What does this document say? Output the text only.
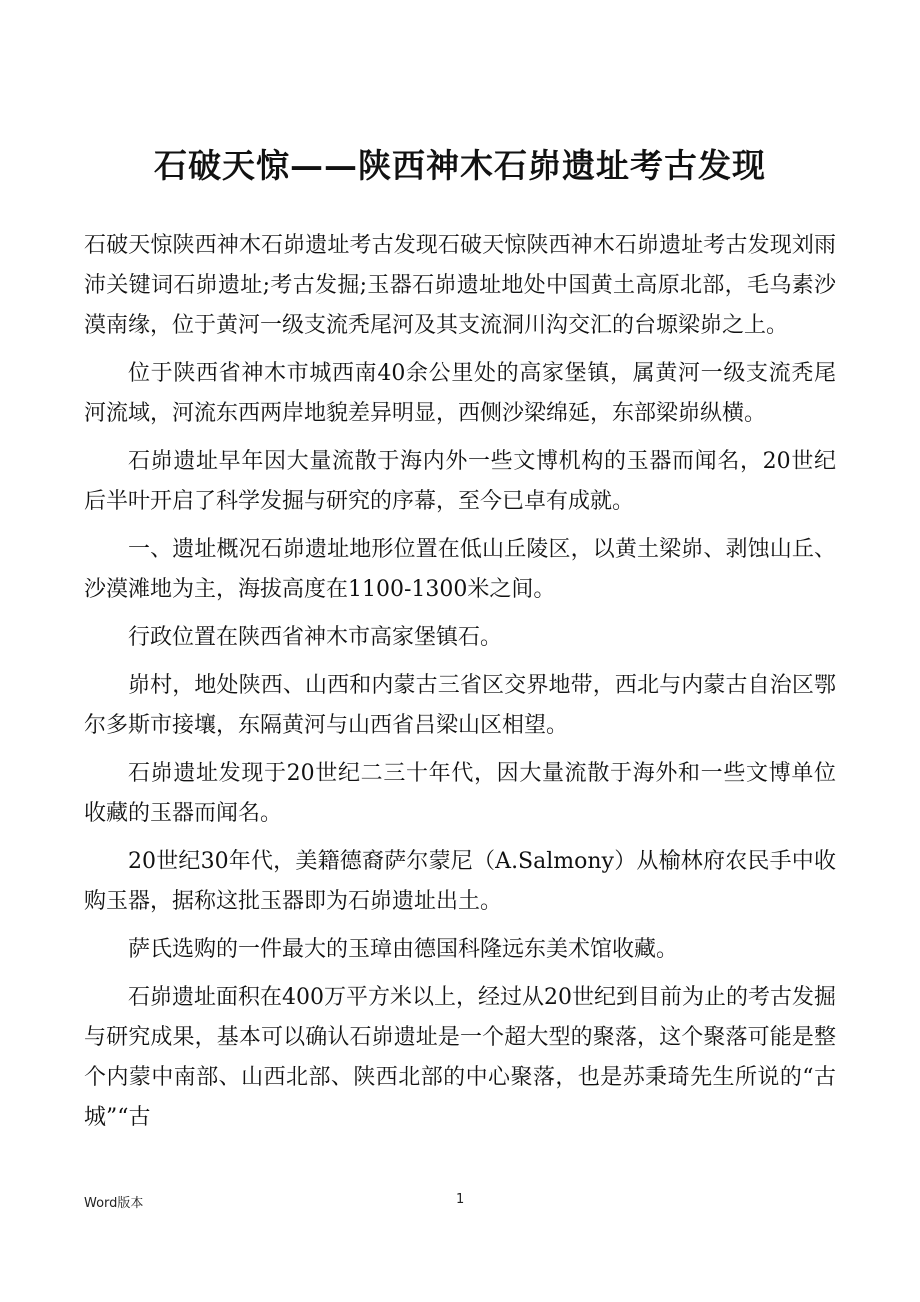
石破天惊——陕西神木石峁遗址考古发现

石破天惊陕西神木石峁遗址考古发现石破天惊陕西神木石峁遗址考古发现刘雨沛关键词石峁遗址;考古发掘;玉器石峁遗址地处中国黄土高原北部，毛乌素沙漠南缘，位于黄河一级支流秃尾河及其支流洞川沟交汇的台塬梁峁之上。

位于陕西省神木市城西南40余公里处的高家堡镇，属黄河一级支流秃尾河流域，河流东西两岸地貌差异明显，西侧沙梁绵延，东部梁峁纵横。

石峁遗址早年因大量流散于海内外一些文博机构的玉器而闻名，20世纪后半叶开启了科学发掘与研究的序幕，至今已卓有成就。

一、遗址概况石峁遗址地形位置在低山丘陵区，以黄土梁峁、剥蚀山丘、沙漠滩地为主，海拔高度在1100-1300米之间。

行政位置在陕西省神木市高家堡镇石。

峁村，地处陕西、山西和内蒙古三省区交界地带，西北与内蒙古自治区鄂尔多斯市接壤，东隔黄河与山西省吕梁山区相望。

石峁遗址发现于20世纪二三十年代，因大量流散于海外和一些文博单位收藏的玉器而闻名。

20世纪30年代，美籍德裔萨尔蒙尼（A.Salmony）从榆林府农民手中收购玉器，据称这批玉器即为石峁遗址出土。

萨氏选购的一件最大的玉璋由德国科隆远东美术馆收藏。

石峁遗址面积在400万平方米以上，经过从20世纪到目前为止的考古发掘与研究成果，基本可以确认石峁遗址是一个超大型的聚落，这个聚落可能是整个内蒙中南部、山西北部、陕西北部的中心聚落，也是苏秉琦先生所说的“古城”“古

Word版本	1
